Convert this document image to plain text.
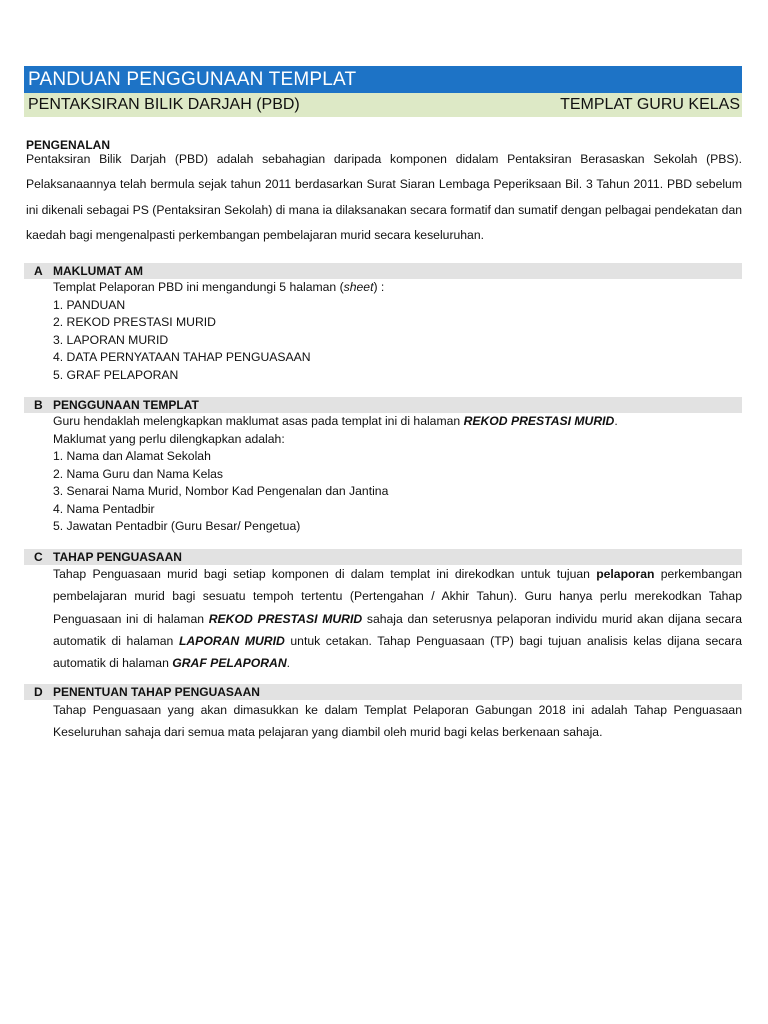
PANDUAN PENGGUNAAN TEMPLAT
PENTAKSIRAN BILIK DARJAH (PBD)	TEMPLAT GURU KELAS
PENGENALAN
Pentaksiran Bilik Darjah (PBD) adalah sebahagian daripada komponen didalam Pentaksiran Berasaskan Sekolah (PBS). Pelaksanaannya telah bermula sejak tahun 2011 berdasarkan Surat Siaran Lembaga Peperiksaan Bil. 3 Tahun 2011. PBD sebelum ini dikenali sebagai PS (Pentaksiran Sekolah) di mana ia dilaksanakan secara formatif dan sumatif dengan pelbagai pendekatan dan kaedah bagi mengenalpasti perkembangan pembelajaran murid secara keseluruhan.
A MAKLUMAT AM
Templat Pelaporan PBD ini mengandungi 5 halaman (sheet) :
1. PANDUAN
2. REKOD PRESTASI MURID
3. LAPORAN MURID
4. DATA PERNYATAAN TAHAP PENGUASAAN
5. GRAF PELAPORAN
B PENGGUNAAN TEMPLAT
Guru hendaklah melengkapkan maklumat asas pada templat ini di halaman REKOD PRESTASI MURID.
Maklumat yang perlu dilengkapkan adalah:
1. Nama dan Alamat Sekolah
2. Nama Guru dan Nama Kelas
3. Senarai Nama Murid, Nombor Kad Pengenalan dan Jantina
4. Nama Pentadbir
5. Jawatan Pentadbir (Guru Besar/ Pengetua)
C TAHAP PENGUASAAN
Tahap Penguasaan murid bagi setiap komponen di dalam templat ini direkodkan untuk tujuan pelaporan perkembangan pembelajaran murid bagi sesuatu tempoh tertentu (Pertengahan / Akhir Tahun). Guru hanya perlu merekodkan Tahap Penguasaan ini di halaman REKOD PRESTASI MURID sahaja dan seterusnya pelaporan individu murid akan dijana secara automatik di halaman LAPORAN MURID untuk cetakan. Tahap Penguasaan (TP) bagi tujuan analisis kelas dijana secara automatik di halaman GRAF PELAPORAN.
D PENENTUAN TAHAP PENGUASAAN
Tahap Penguasaan yang akan dimasukkan ke dalam Templat Pelaporan Gabungan 2018 ini adalah Tahap Penguasaan Keseluruhan sahaja dari semua mata pelajaran yang diambil oleh murid bagi kelas berkenaan sahaja.
